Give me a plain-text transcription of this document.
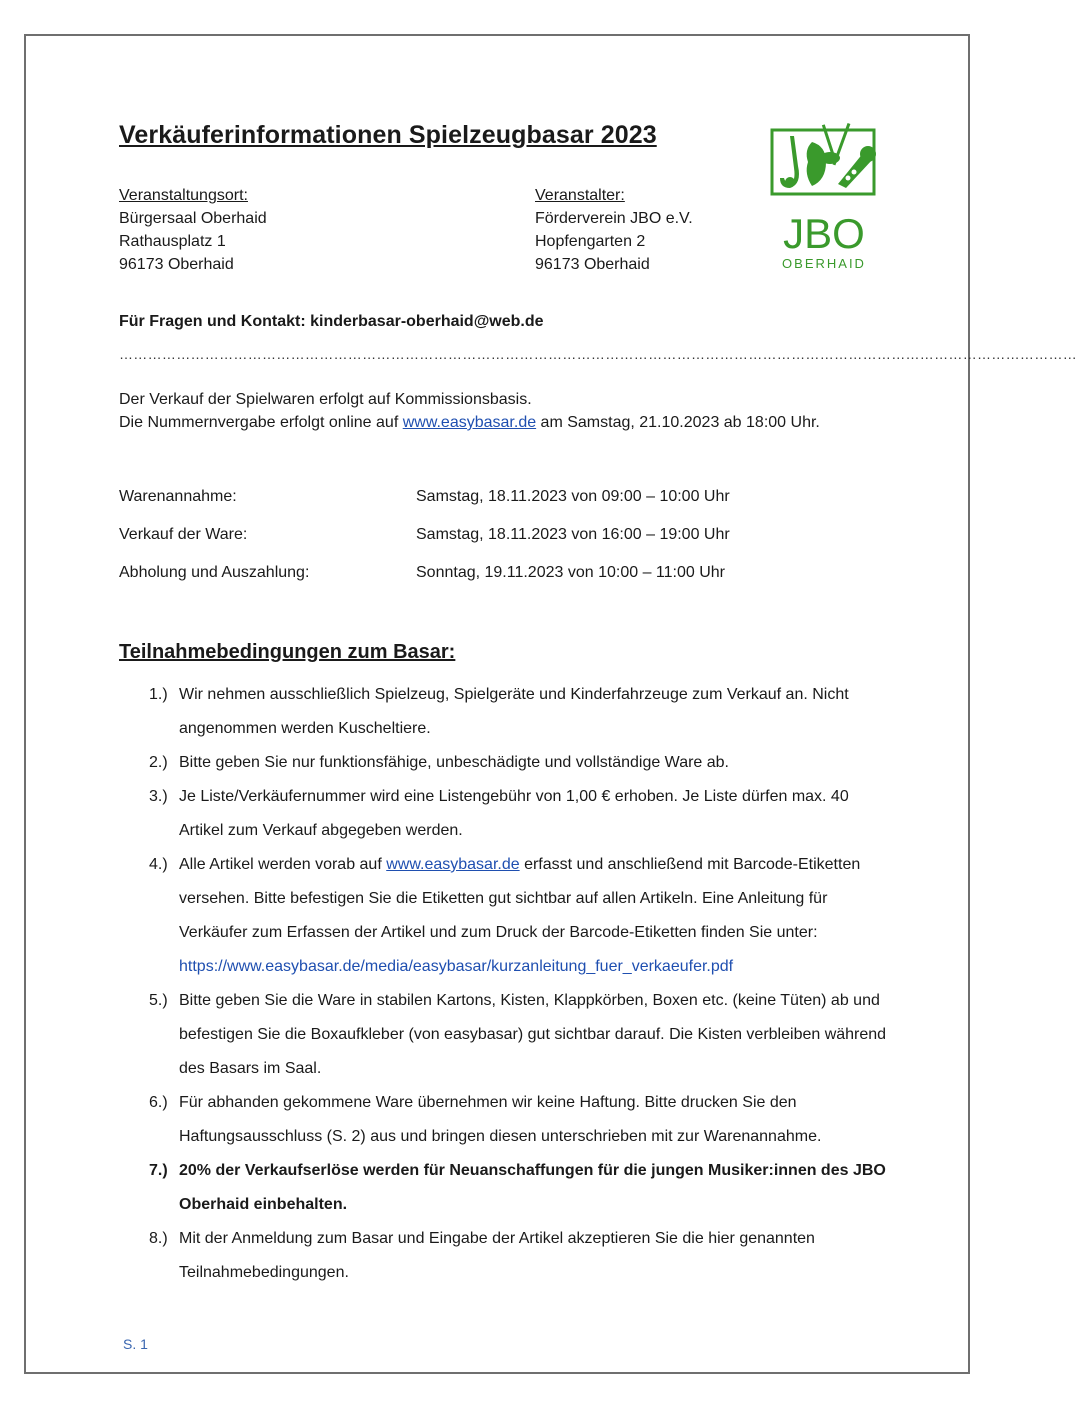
Verkäuferinformationen Spielzeugbasar 2023
Veranstaltungsort:
Bürgersaal Oberhaid
Rathausplatz 1
96173 Oberhaid
Veranstalter:
Förderverein JBO e.V.
Hopfengarten 2
96173 Oberhaid
JBO
OBERHAID
Für Fragen und Kontakt: kinderbasar-oberhaid@web.de
…………………………………………………………………………………………………………………………………………………………………………………
Der Verkauf der Spielwaren erfolgt auf Kommissionsbasis.
Die Nummernvergabe erfolgt online auf www.easybasar.de am Samstag, 21.10.2023 ab 18:00 Uhr.
Warenannahme:	Samstag, 18.11.2023 von 09:00 – 10:00 Uhr
Verkauf der Ware:	Samstag, 18.11.2023 von 16:00 – 19:00 Uhr
Abholung und Auszahlung:	Sonntag, 19.11.2023 von 10:00 – 11:00 Uhr
Teilnahmebedingungen zum Basar:
1.) Wir nehmen ausschließlich Spielzeug, Spielgeräte und Kinderfahrzeuge zum Verkauf an. Nicht angenommen werden Kuscheltiere.
2.) Bitte geben Sie nur funktionsfähige, unbeschädigte und vollständige Ware ab.
3.) Je Liste/Verkäufernummer wird eine Listengebühr von 1,00 € erhoben. Je Liste dürfen max. 40 Artikel zum Verkauf abgegeben werden.
4.) Alle Artikel werden vorab auf www.easybasar.de erfasst und anschließend mit Barcode-Etiketten versehen. Bitte befestigen Sie die Etiketten gut sichtbar auf allen Artikeln. Eine Anleitung für Verkäufer zum Erfassen der Artikel und zum Druck der Barcode-Etiketten finden Sie unter: https://www.easybasar.de/media/easybasar/kurzanleitung_fuer_verkaeufer.pdf
5.) Bitte geben Sie die Ware in stabilen Kartons, Kisten, Klappkörben, Boxen etc. (keine Tüten) ab und befestigen Sie die Boxaufkleber (von easybasar) gut sichtbar darauf. Die Kisten verbleiben während des Basars im Saal.
6.) Für abhanden gekommene Ware übernehmen wir keine Haftung. Bitte drucken Sie den Haftungsausschluss (S. 2) aus und bringen diesen unterschrieben mit zur Warenannahme.
7.) 20% der Verkaufserlöse werden für Neuanschaffungen für die jungen Musiker:innen des JBO Oberhaid einbehalten.
8.) Mit der Anmeldung zum Basar und Eingabe der Artikel akzeptieren Sie die hier genannten Teilnahmebedingungen.
S. 1
